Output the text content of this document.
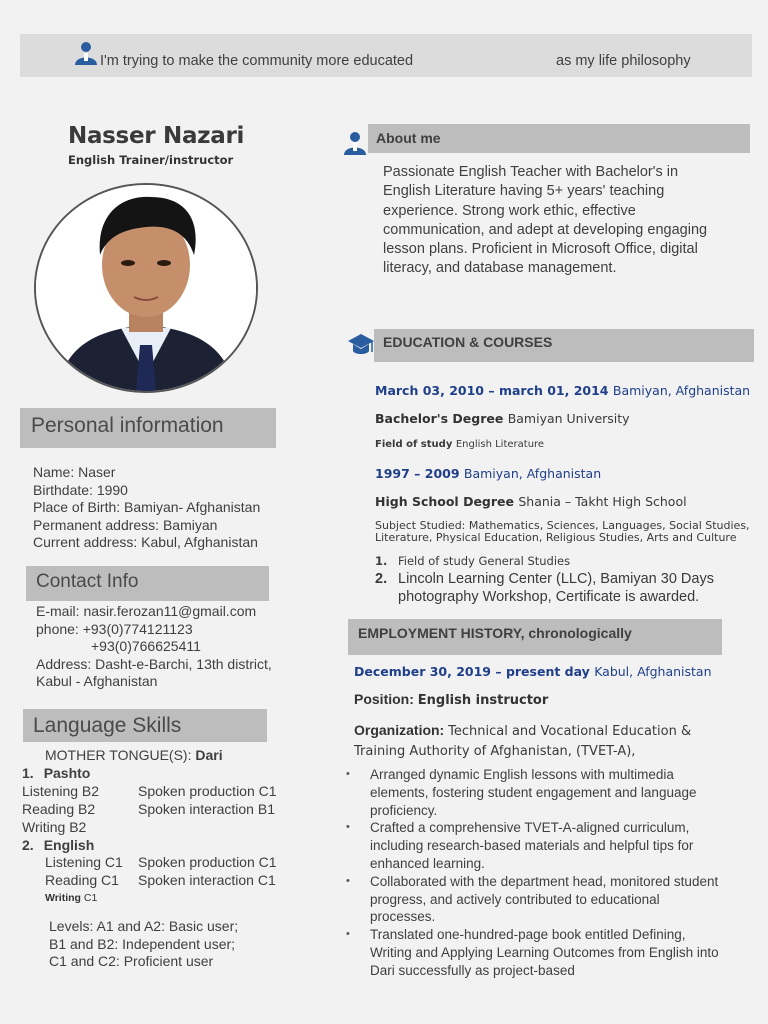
I'm trying to make the community more educated	as my life philosophy
Nasser Nazari
English Trainer/instructor
Personal information
Name: Naser
Birthdate: 1990
Place of Birth: Bamiyan- Afghanistan
Permanent address: Bamiyan
Current address: Kabul, Afghanistan
Contact Info
E-mail: nasir.ferozan11@gmail.com
phone: +93(0)774121123
+93(0)766625411
Address: Dasht-e-Barchi, 13th district,
Kabul - Afghanistan
Language Skills
MOTHER TONGUE(S): Dari
1. Pashto
Listening B2	Spoken production C1
Reading B2	Spoken interaction B1
Writing B2
2. English
Listening C1 Spoken production C1
Reading C1 Spoken interaction C1
Writing C1
Levels: A1 and A2: Basic user;
B1 and B2: Independent user;
C1 and C2: Proficient user
About me
Passionate English Teacher with Bachelor's in English Literature having 5+ years' teaching experience. Strong work ethic, effective communication, and adept at developing engaging lesson plans. Proficient in Microsoft Office, digital literacy, and database management.
EDUCATION & COURSES
March 03, 2010 – march 01, 2014 Bamiyan, Afghanistan
Bachelor's Degree Bamiyan University
Field of study English Literature
1997 – 2009 Bamiyan, Afghanistan
High School Degree Shania – Takht High School
Subject Studied: Mathematics, Sciences, Languages, Social Studies, Literature, Physical Education, Religious Studies, Arts and Culture
1. Field of study General Studies
2. Lincoln Learning Center (LLC), Bamiyan 30 Days photography Workshop, Certificate is awarded.
EMPLOYMENT HISTORY, chronologically
December 30, 2019 – present day Kabul, Afghanistan
Position: English instructor
Organization: Technical and Vocational Education & Training Authority of Afghanistan, (TVET-A),
• Arranged dynamic English lessons with multimedia elements, fostering student engagement and language proficiency.
• Crafted a comprehensive TVET-A-aligned curriculum, including research-based materials and helpful tips for enhanced learning.
• Collaborated with the department head, monitored student progress, and actively contributed to educational processes.
• Translated one-hundred-page book entitled Defining, Writing and Applying Learning Outcomes from English into Dari successfully as project-based
